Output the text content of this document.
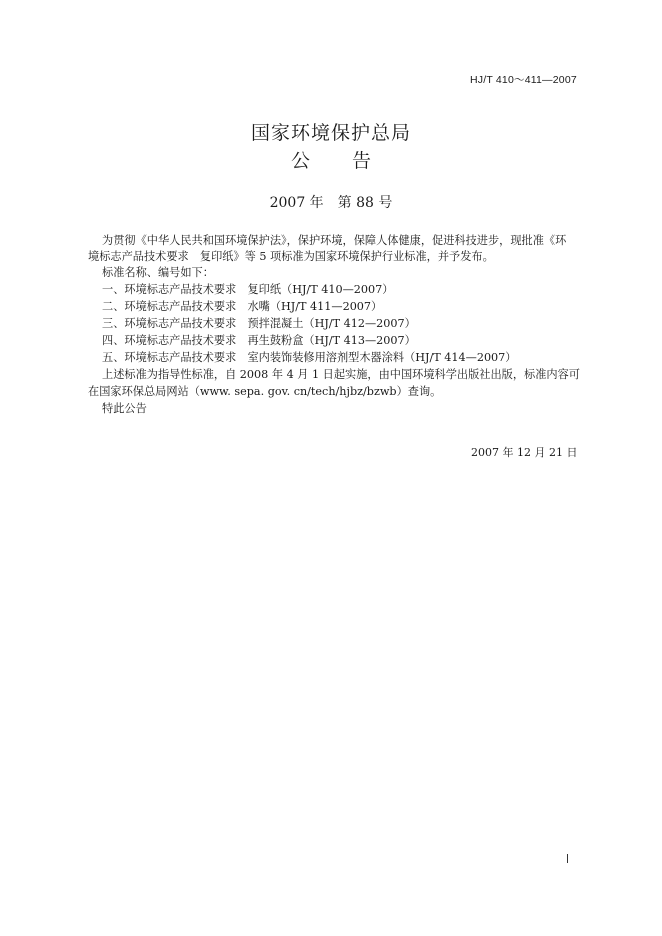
HJ/T 410～411—2007
国家环境保护总局
公 告
2007 年　第 88 号
为贯彻《中华人民共和国环境保护法》，保护环境，保障人体健康，促进科技进步，现批准《环
境标志产品技术要求　复印纸》等 5 项标准为国家环境保护行业标准，并予发布。
标准名称、编号如下：
一、环境标志产品技术要求　复印纸（HJ/T 410—2007）
二、环境标志产品技术要求　水嘴（HJ/T 411—2007）
三、环境标志产品技术要求　预拌混凝土（HJ/T 412—2007）
四、环境标志产品技术要求　再生鼓粉盒（HJ/T 413—2007）
五、环境标志产品技术要求　室内装饰装修用溶剂型木器涂料（HJ/T 414—2007）
上述标准为指导性标准，自 2008 年 4 月 1 日起实施，由中国环境科学出版社出版，标准内容可
在国家环保总局网站（www. sepa. gov. cn/tech/hjbz/bzwb）查询。
特此公告
2007 年 12 月 21 日
